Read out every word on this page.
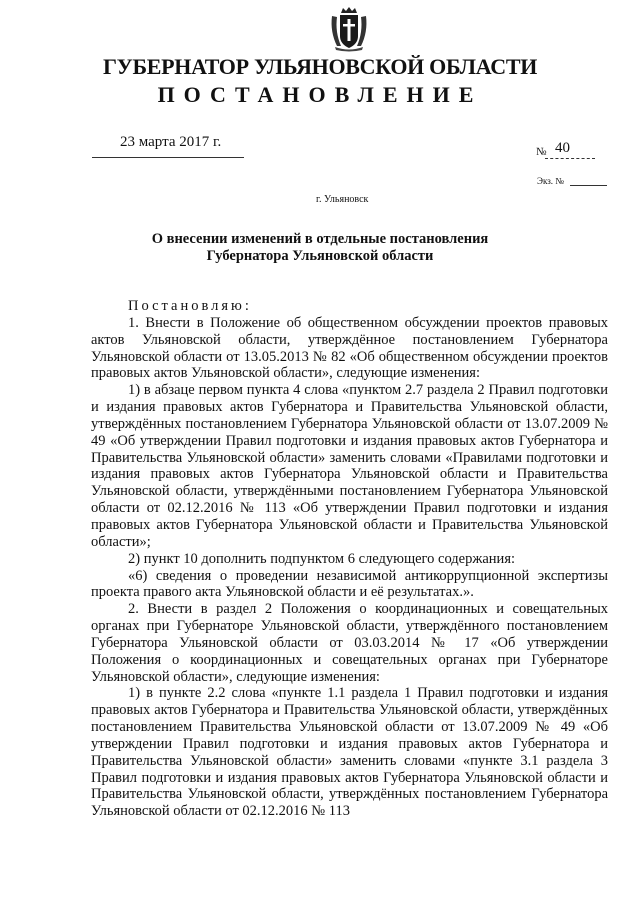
ГУБЕРНАТОР УЛЬЯНОВСКОЙ ОБЛАСТИ
ПОСТАНОВЛЕНИЕ
23 марта 2017 г.
№ 40
Экз. №
г. Ульяновск
О внесении изменений в отдельные постановления
Губернатора Ульяновской области

Постановляю:

1. Внести в Положение об общественном обсуждении проектов правовых актов Ульяновской области, утверждённое постановлением Губернатора Ульяновской области от 13.05.2013 № 82 «Об общественном обсуждении проектов правовых актов Ульяновской области», следующие изменения:

1) в абзаце первом пункта 4 слова «пунктом 2.7 раздела 2 Правил подготовки и издания правовых актов Губернатора и Правительства Ульяновской области, утверждённых постановлением Губернатора Ульяновской области от 13.07.2009 № 49 «Об утверждении Правил подготовки и издания правовых актов Губернатора и Правительства Ульяновской области» заменить словами «Правилами подготовки и издания правовых актов Губернатора Ульяновской области и Правительства Ульяновской области, утверждёнными постановлением Губернатора Ульяновской области от 02.12.2016 № 113 «Об утверждении Правил подготовки и издания правовых актов Губернатора Ульяновской области и Правительства Ульяновской области»;

2) пункт 10 дополнить подпунктом 6 следующего содержания:

«6) сведения о проведении независимой антикоррупционной экспертизы проекта правого акта Ульяновской области и её результатах.».

2. Внести в раздел 2 Положения о координационных и совещательных органах при Губернаторе Ульяновской области, утверждённого постановлением Губернатора Ульяновской области от 03.03.2014 № 17 «Об утверждении Положения о координационных и совещательных органах при Губернаторе Ульяновской области», следующие изменения:

1) в пункте 2.2 слова «пункте 1.1 раздела 1 Правил подготовки и издания правовых актов Губернатора и Правительства Ульяновской области, утверждённых постановлением Правительства Ульяновской области от 13.07.2009 № 49 «Об утверждении Правил подготовки и издания правовых актов Губернатора и Правительства Ульяновской области» заменить словами «пункте 3.1 раздела 3 Правил подготовки и издания правовых актов Губернатора Ульяновской области и Правительства Ульяновской области, утверждённых постановлением Губернатора Ульяновской области от 02.12.2016 № 113
